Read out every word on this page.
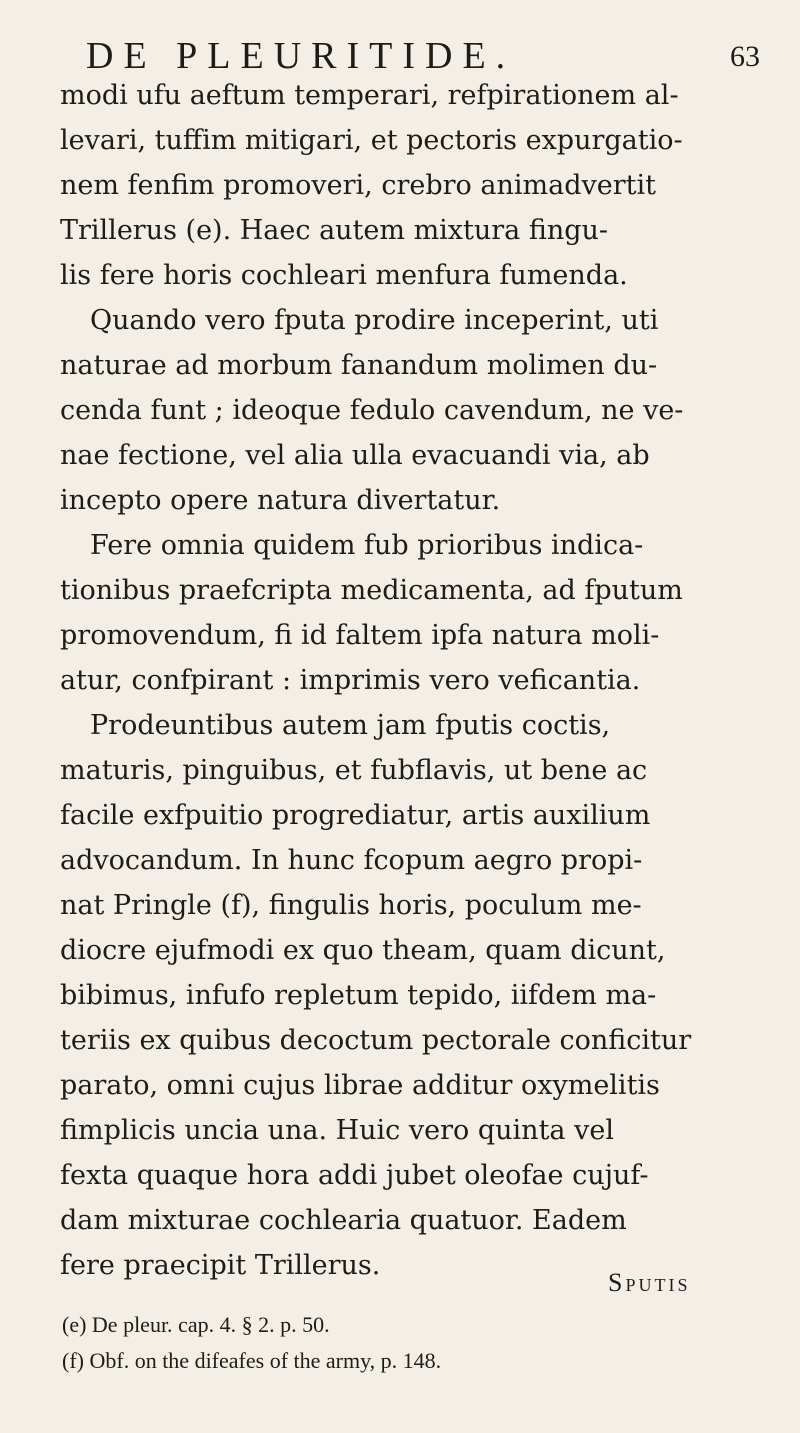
DE PLEURITIDE.	63
modi ufu aeftum temperari, refpirationem al-
levari, tuffim mitigari, et pectoris expurgatio-
nem fenfim promoveri, crebro animadvertit
Trillerus (e). Haec autem mixtura fingu-
lis fere horis cochleari menfura fumenda.
Quando vero fputa prodire inceperint, uti
naturae ad morbum fanandum molimen du-
cenda funt ; ideoque fedulo cavendum, ne ve-
nae fectione, vel alia ulla evacuandi via, ab
incepto opere natura divertatur.
Fere omnia quidem fub prioribus indica-
tionibus praefcripta medicamenta, ad fputum
promovendum, fi id faltem ipfa natura moli-
atur, confpirant : imprimis vero veficantia.
Prodeuntibus autem jam fputis coctis,
maturis, pinguibus, et fubflavis, ut bene ac
facile exfpuitio progrediatur, artis auxilium
advocandum. In hunc fcopum aegro propi-
nat Pringle (f), fingulis horis, poculum me-
diocre ejufmodi ex quo theam, quam dicunt,
bibimus, infufo repletum tepido, iifdem ma-
teriis ex quibus decoctum pectorale conficitur
parato, omni cujus librae additur oxymelitis
fimplicis uncia una. Huic vero quinta vel
fexta quaque hora addi jubet oleofae cujuf-
dam mixturae cochlearia quatuor. Eadem
fere praecipit Trillerus.
Sputis
(e) De pleur. cap. 4. § 2. p. 50.
(f) Obf. on the difeafes of the army, p. 148.
